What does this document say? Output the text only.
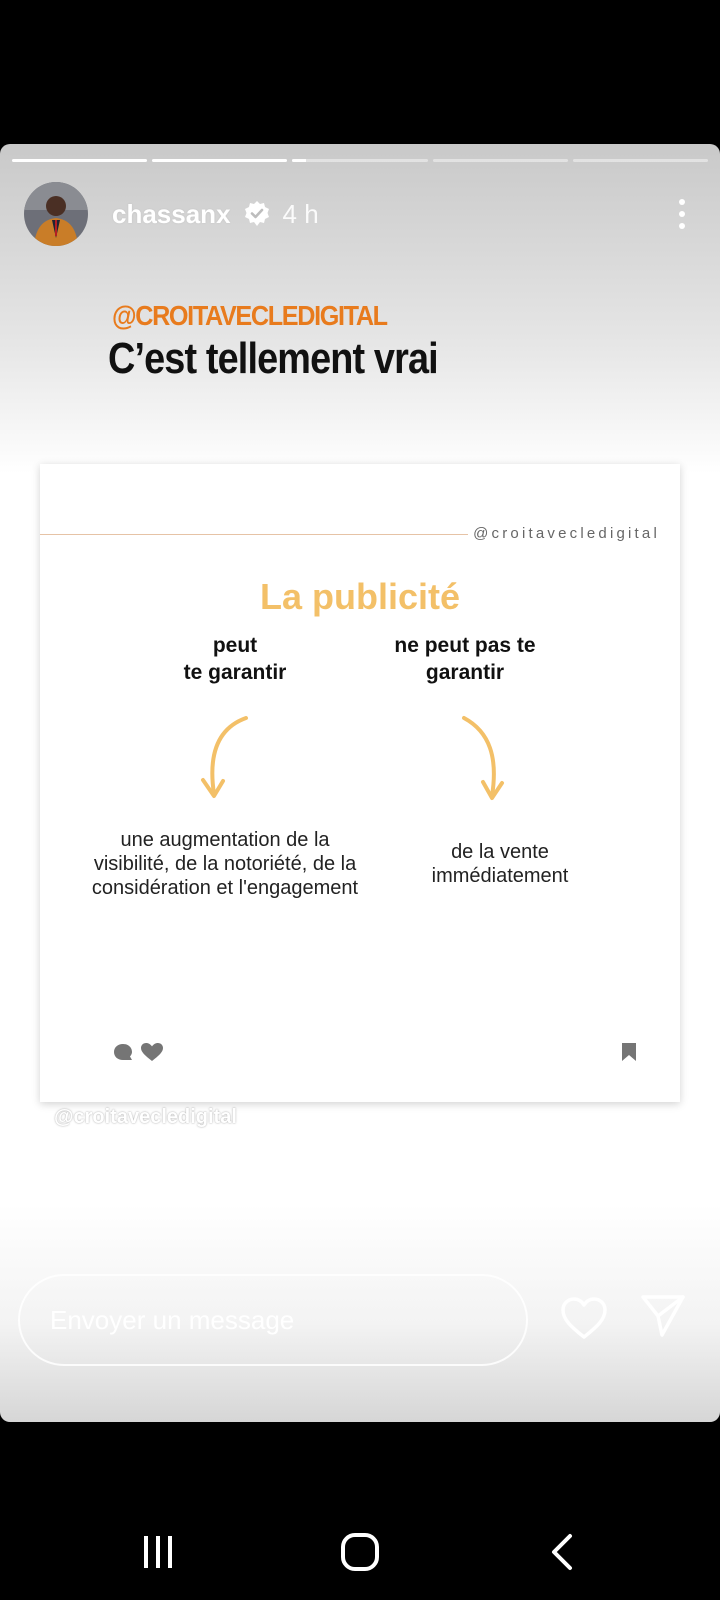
chassanx 4 h
@CROITAVECLEDIGITAL
C’est tellement vrai
@croitavecledigital
La publicité
peut
te garantir
ne peut pas te
garantir
une augmentation de la visibilité, de la notoriété, de la considération et l'engagement
de la vente immédiatement
@croitavecledigital
Envoyer un message
